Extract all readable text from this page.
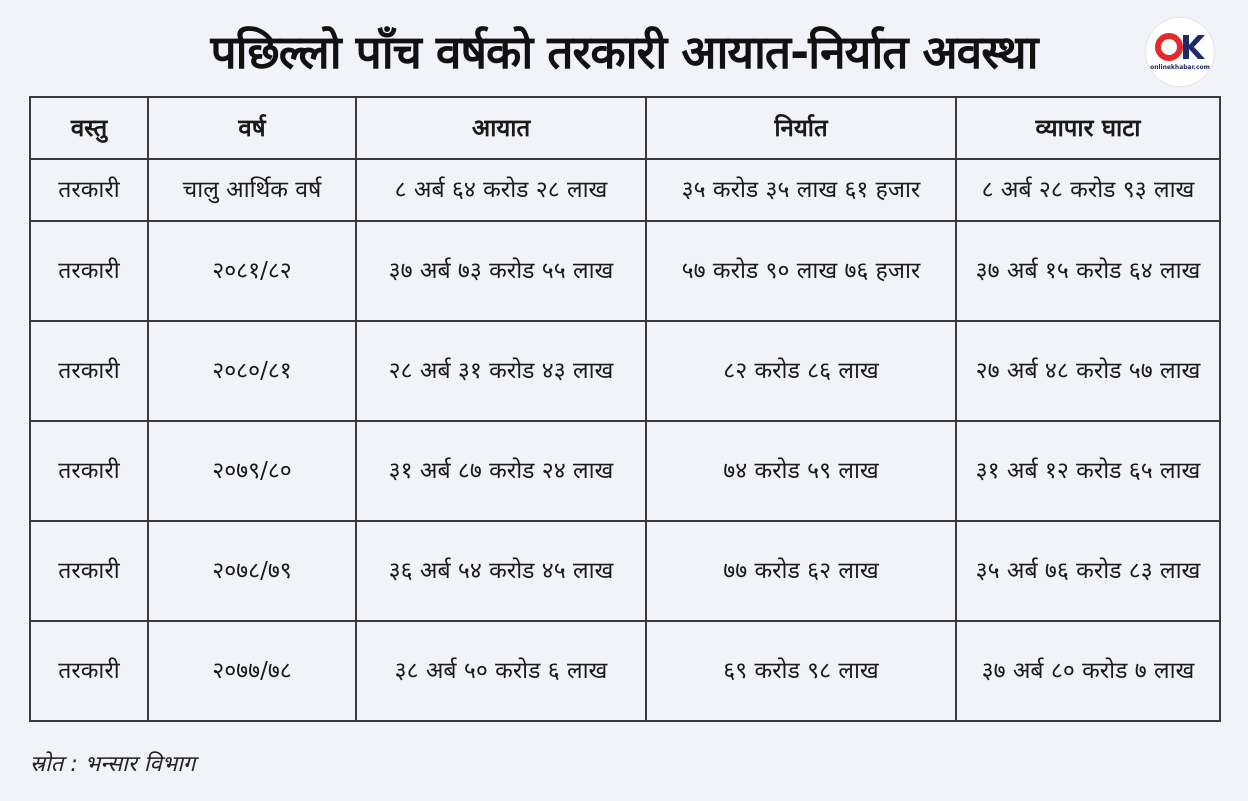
पछिल्लो पाँच वर्षको तरकारी आयात-निर्यात अवस्था	onlinekhabar.com
वस्तु	वर्ष	आयात	निर्यात	व्यापार घाटा
तरकारी	चालु आर्थिक वर्ष	८ अर्ब ६४ करोड २८ लाख	३५ करोड ३५ लाख ६१ हजार	८ अर्ब २८ करोड ९३ लाख
तरकारी	२०८१/८२	३७ अर्ब ७३ करोड ५५ लाख	५७ करोड ९० लाख ७६ हजार	३७ अर्ब १५ करोड ६४ लाख
तरकारी	२०८०/८१	२८ अर्ब ३१ करोड ४३ लाख	८२ करोड ८६ लाख	२७ अर्ब ४८ करोड ५७ लाख
तरकारी	२०७९/८०	३१ अर्ब ८७ करोड २४ लाख	७४ करोड ५९ लाख	३१ अर्ब १२ करोड ६५ लाख
तरकारी	२०७८/७९	३६ अर्ब ५४ करोड ४५ लाख	७७ करोड ६२ लाख	३५ अर्ब ७६ करोड ८३ लाख
तरकारी	२०७७/७८	३८ अर्ब ५० करोड ६ लाख	६९ करोड ९८ लाख	३७ अर्ब ८० करोड ७ लाख
स्रोत : भन्सार विभाग
